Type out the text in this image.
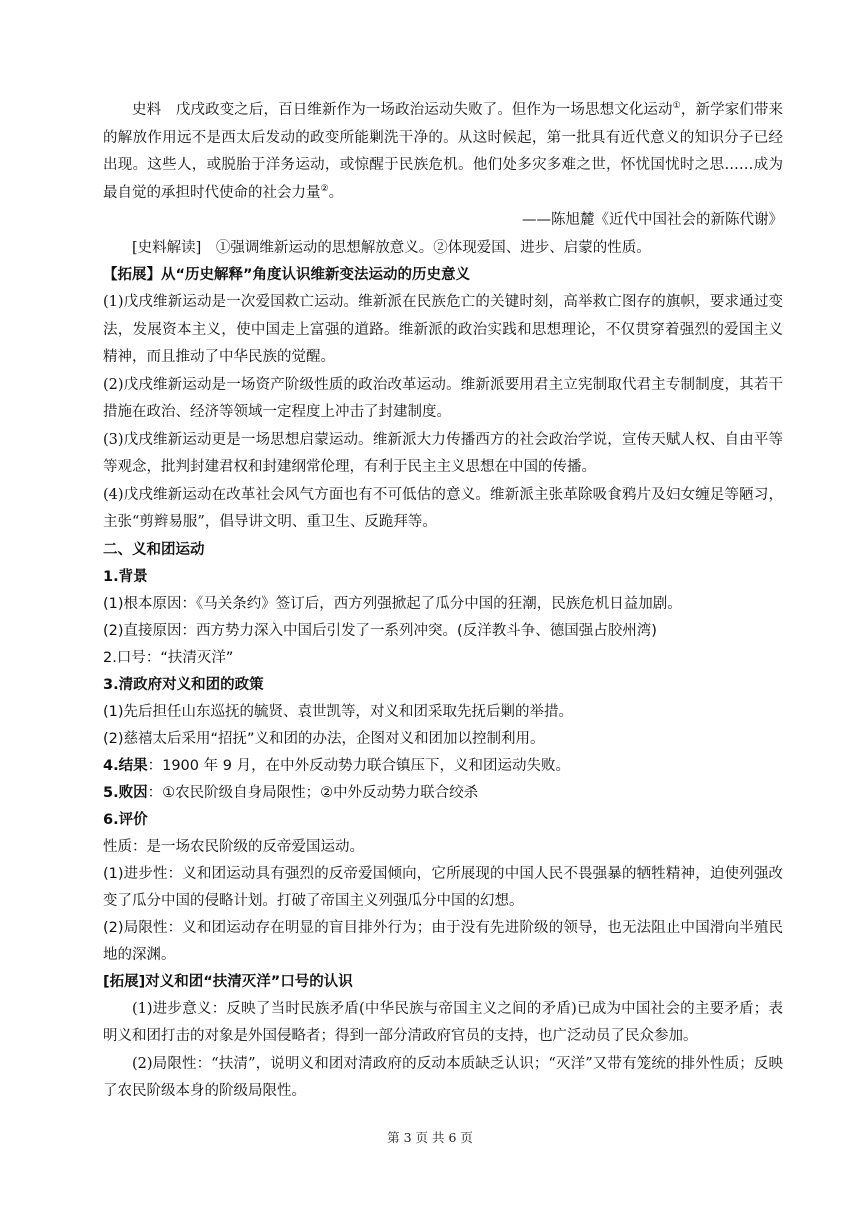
史料　 戊戌政变之后，百日维新作为一场政治运动失败了。但作为一场思想文化运动①，新学家们带来的解放作用远不是西太后发动的政变所能剿洗干净的。从这时候起，第一批具有近代意义的知识分子已经出现。这些人，或脱胎于洋务运动，或惊醒于民族危机。他们处多灾多难之世，怀忧国忧时之思……成为最自觉的承担时代使命的社会力量②。

——陈旭麓《近代中国社会的新陈代谢》

[史料解读]　①强调维新运动的思想解放意义。②体现爱国、进步、启蒙的性质。

【拓展】从“历史解释”角度认识维新变法运动的历史意义

(1)戊戌维新运动是一次爱国救亡运动。维新派在民族危亡的关键时刻，高举救亡图存的旗帜，要求通过变法，发展资本主义，使中国走上富强的道路。维新派的政治实践和思想理论，不仅贯穿着强烈的爱国主义精神，而且推动了中华民族的觉醒。

(2)戊戌维新运动是一场资产阶级性质的政治改革运动。维新派要用君主立宪制取代君主专制制度，其若干措施在政治、经济等领域一定程度上冲击了封建制度。

(3)戊戌维新运动更是一场思想启蒙运动。维新派大力传播西方的社会政治学说，宣传天赋人权、自由平等等观念，批判封建君权和封建纲常伦理，有利于民主主义思想在中国的传播。

(4)戊戌维新运动在改革社会风气方面也有不可低估的意义。维新派主张革除吸食鸦片及妇女缠足等陋习，主张“剪辫易服”，倡导讲文明、重卫生、反跪拜等。

二、义和团运动

1.背景

(1)根本原因：《马关条约》签订后，西方列强掀起了瓜分中国的狂潮，民族危机日益加剧。

(2)直接原因：西方势力深入中国后引发了一系列冲突。(反洋教斗争、德国强占胶州湾)

2.口号：“扶清灭洋”

3.清政府对义和团的政策

(1)先后担任山东巡抚的毓贤、袁世凯等，对义和团采取先抚后剿的举措。

(2)慈禧太后采用“招抚”义和团的办法，企图对义和团加以控制利用。

4.结果：1900 年 9 月，在中外反动势力联合镇压下，义和团运动失败。

5.败因：①农民阶级自身局限性；②中外反动势力联合绞杀

6.评价

性质：是一场农民阶级的反帝爱国运动。

(1)进步性：义和团运动具有强烈的反帝爱国倾向，它所展现的中国人民不畏强暴的牺牲精神，迫使列强改变了瓜分中国的侵略计划。打破了帝国主义列强瓜分中国的幻想。

(2)局限性：义和团运动存在明显的盲目排外行为；由于没有先进阶级的领导，也无法阻止中国滑向半殖民地的深渊。

[拓展]对义和团“扶清灭洋”口号的认识

(1)进步意义：反映了当时民族矛盾(中华民族与帝国主义之间的矛盾)已成为中国社会的主要矛盾；表明义和团打击的对象是外国侵略者；得到一部分清政府官员的支持，也广泛动员了民众参加。

(2)局限性：“扶清”，说明义和团对清政府的反动本质缺乏认识；“灭洋”又带有笼统的排外性质；反映了农民阶级本身的阶级局限性。

第 3 页 共 6 页
